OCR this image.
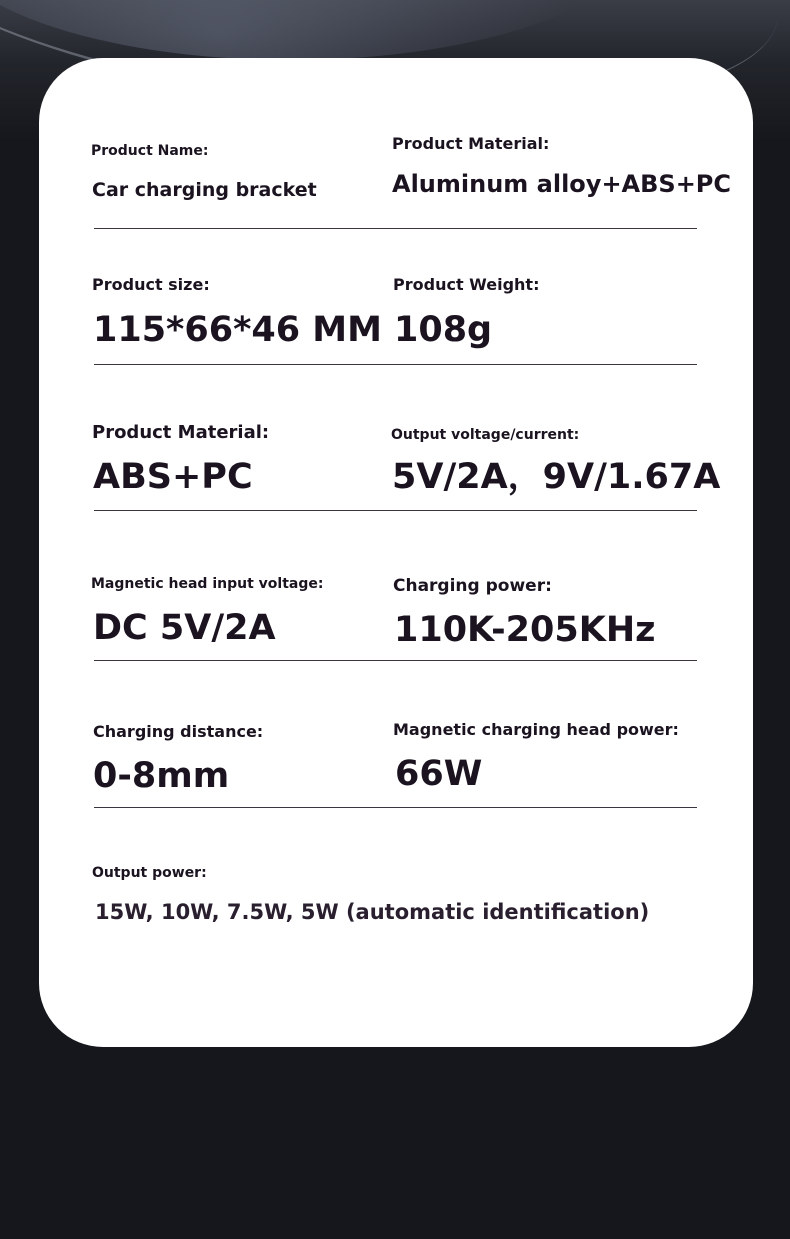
Product Name:
Car charging bracket
Product Material:
Aluminum alloy+ABS+PC
Product size:
115*66*46 MM
Product Weight:
108g
Product Material:
ABS+PC
Output voltage/current:
5V/2A，9V/1.67A
Magnetic head input voltage:
DC 5V/2A
Charging power:
110K-205KHz
Charging distance:
0-8mm
Magnetic charging head power:
66W
Output power:
15W, 10W, 7.5W, 5W (automatic identification)
